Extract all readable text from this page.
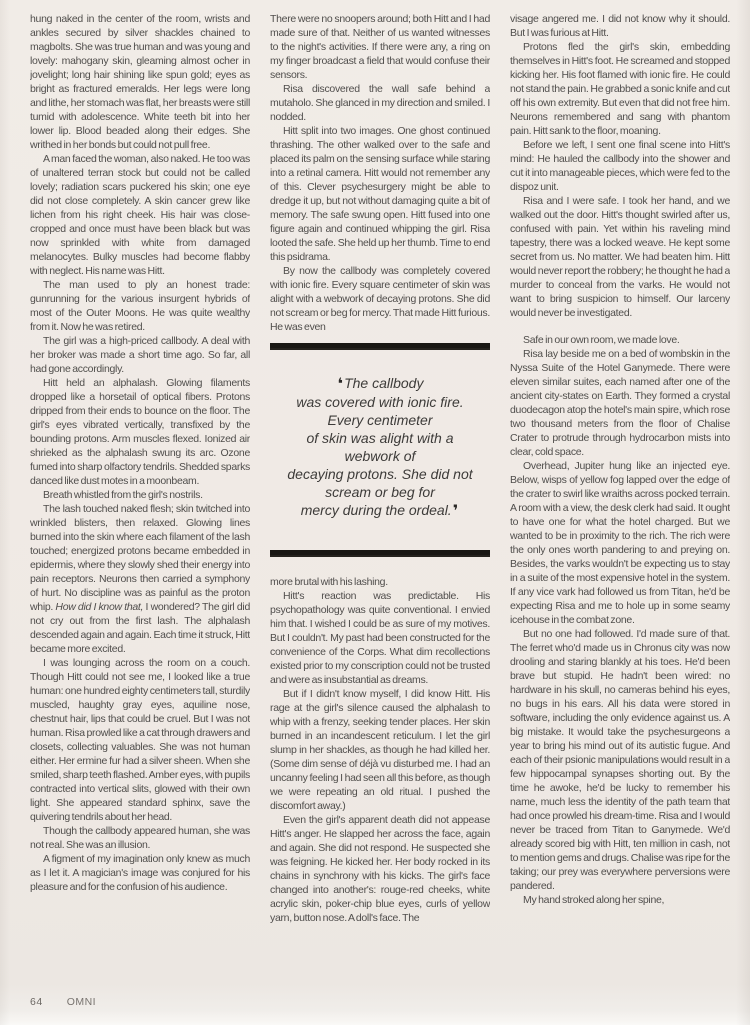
hung naked in the center of the room, wrists and ankles secured by silver shackles chained to magbolts. She was true human and was young and lovely: mahogany skin, gleaming almost ocher in jovelight; long hair shining like spun gold; eyes as bright as fractured emeralds. Her legs were long and lithe, her stomach was flat, her breasts were still tumid with adolescence. White teeth bit into her lower lip. Blood beaded along their edges. She writhed in her bonds but could not pull free.

A man faced the woman, also naked. He too was of unaltered terran stock but could not be called lovely; radiation scars puckered his skin; one eye did not close completely. A skin cancer grew like lichen from his right cheek. His hair was close-cropped and once must have been black but was now sprinkled with white from damaged melanocytes. Bulky muscles had become flabby with neglect. His name was Hitt.

The man used to ply an honest trade: gunrunning for the various insurgent hybrids of most of the Outer Moons. He was quite wealthy from it. Now he was retired.

The girl was a high-priced callbody. A deal with her broker was made a short time ago. So far, all had gone accordingly.

Hitt held an alphalash. Glowing filaments dropped like a horsetail of optical fibers. Protons dripped from their ends to bounce on the floor. The girl's eyes vibrated vertically, transfixed by the bounding protons. Arm muscles flexed. Ionized air shrieked as the alphalash swung its arc. Ozone fumed into sharp olfactory tendrils. Shedded sparks danced like dust motes in a moonbeam.

Breath whistled from the girl's nostrils.

The lash touched naked flesh; skin twitched into wrinkled blisters, then relaxed. Glowing lines burned into the skin where each filament of the lash touched; energized protons became embedded in epidermis, where they slowly shed their energy into pain receptors. Neurons then carried a symphony of hurt. No discipline was as painful as the proton whip. How did I know that, I wondered? The girl did not cry out from the first lash. The alphalash descended again and again. Each time it struck, Hitt became more excited.

I was lounging across the room on a couch. Though Hitt could not see me, I looked like a true human: one hundred eighty centimeters tall, sturdily muscled, haughty gray eyes, aquiline nose, chestnut hair, lips that could be cruel. But I was not human. Risa prowled like a cat through drawers and closets, collecting valuables. She was not human either. Her ermine fur had a silver sheen. When she smiled, sharp teeth flashed. Amber eyes, with pupils contracted into vertical slits, glowed with their own light. She appeared standard sphinx, save the quivering tendrils about her head.

Though the callbody appeared human, she was not real. She was an illusion.

A figment of my imagination only knew as much as I let it. A magician's image was conjured for his pleasure and for the confusion of his audience.

There were no snoopers around; both Hitt and I had made sure of that. Neither of us wanted witnesses to the night's activities. If there were any, a ring on my finger broadcast a field that would confuse their sensors.

Risa discovered the wall safe behind a mutaholo. She glanced in my direction and smiled. I nodded.

Hitt split into two images. One ghost continued thrashing. The other walked over to the safe and placed its palm on the sensing surface while staring into a retinal camera. Hitt would not remember any of this. Clever psychesurgery might be able to dredge it up, but not without damaging quite a bit of memory. The safe swung open. Hitt fused into one figure again and continued whipping the girl. Risa looted the safe. She held up her thumb. Time to end this psidrama.

By now the callbody was completely covered with ionic fire. Every square centimeter of skin was alight with a webwork of decaying protons. She did not scream or beg for mercy. That made Hitt furious. He was even

❛The callbody
was covered with ionic fire.
Every centimeter
of skin was alight with a
webwork of
decaying protons. She did not
scream or beg for
mercy during the ordeal.❜

more brutal with his lashing.

Hitt's reaction was predictable. His psychopathology was quite conventional. I envied him that. I wished I could be as sure of my motives. But I couldn't. My past had been constructed for the convenience of the Corps. What dim recollections existed prior to my conscription could not be trusted and were as insubstantial as dreams.

But if I didn't know myself, I did know Hitt. His rage at the girl's silence caused the alphalash to whip with a frenzy, seeking tender places. Her skin burned in an incandescent reticulum. I let the girl slump in her shackles, as though he had killed her. (Some dim sense of déjà vu disturbed me. I had an uncanny feeling I had seen all this before, as though we were repeating an old ritual. I pushed the discomfort away.)

Even the girl's apparent death did not appease Hitt's anger. He slapped her across the face, again and again. She did not respond. He suspected she was feigning. He kicked her. Her body rocked in its chains in synchrony with his kicks. The girl's face changed into another's: rouge-red cheeks, white acrylic skin, poker-chip blue eyes, curls of yellow yarn, button nose. A doll's face. The

visage angered me. I did not know why it should. But I was furious at Hitt.

Protons fled the girl's skin, embedding themselves in Hitt's foot. He screamed and stopped kicking her. His foot flamed with ionic fire. He could not stand the pain. He grabbed a sonic knife and cut off his own extremity. But even that did not free him. Neurons remembered and sang with phantom pain. Hitt sank to the floor, moaning.

Before we left, I sent one final scene into Hitt's mind: He hauled the callbody into the shower and cut it into manageable pieces, which were fed to the dispoz unit.

Risa and I were safe. I took her hand, and we walked out the door. Hitt's thought swirled after us, confused with pain. Yet within his raveling mind tapestry, there was a locked weave. He kept some secret from us. No matter. We had beaten him. Hitt would never report the robbery; he thought he had a murder to conceal from the varks. He would not want to bring suspicion to himself. Our larceny would never be investigated.

Safe in our own room, we made love.

Risa lay beside me on a bed of wombskin in the Nyssa Suite of the Hotel Ganymede. There were eleven similar suites, each named after one of the ancient city-states on Earth. They formed a crystal duodecagon atop the hotel's main spire, which rose two thousand meters from the floor of Chalise Crater to protrude through hydrocarbon mists into clear, cold space.

Overhead, Jupiter hung like an injected eye. Below, wisps of yellow fog lapped over the edge of the crater to swirl like wraiths across pocked terrain. A room with a view, the desk clerk had said. It ought to have one for what the hotel charged. But we wanted to be in proximity to the rich. The rich were the only ones worth pandering to and preying on. Besides, the varks wouldn't be expecting us to stay in a suite of the most expensive hotel in the system. If any vice vark had followed us from Titan, he'd be expecting Risa and me to hole up in some seamy icehouse in the combat zone.

But no one had followed. I'd made sure of that. The ferret who'd made us in Chronus city was now drooling and staring blankly at his toes. He'd been brave but stupid. He hadn't been wired: no hardware in his skull, no cameras behind his eyes, no bugs in his ears. All his data were stored in software, including the only evidence against us. A big mistake. It would take the psychesurgeons a year to bring his mind out of its autistic fugue. And each of their psionic manipulations would result in a few hippocampal synapses shorting out. By the time he awoke, he'd be lucky to remember his name, much less the identity of the path team that had once prowled his dream-time. Risa and I would never be traced from Titan to Ganymede. We'd already scored big with Hitt, ten million in cash, not to mention gems and drugs. Chalise was ripe for the taking; our prey was everywhere perversions were pandered.

My hand stroked along her spine,

64 OMNI
